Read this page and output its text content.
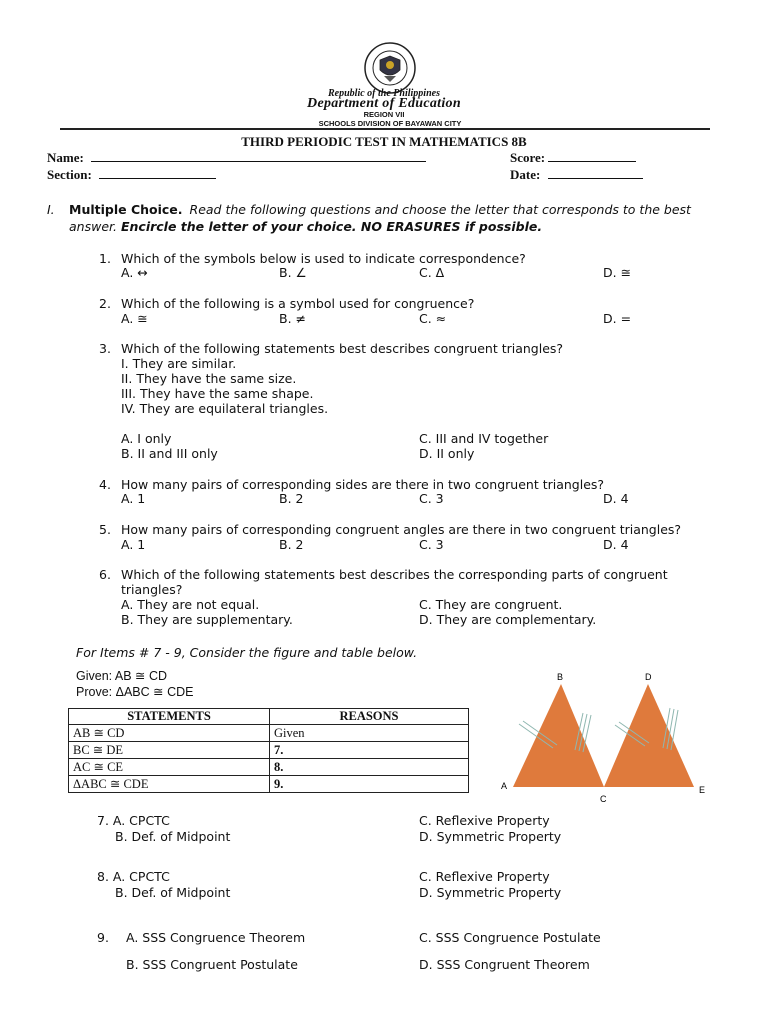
Republic of the Philippines
Department of Education
REGION VII
SCHOOLS DIVISION OF BAYAWAN CITY
THIRD PERIODIC TEST IN MATHEMATICS 8B
Name:	Score:
Section:	Date:
I. Multiple Choice. Read the following questions and choose the letter that corresponds to the best
answer. Encircle the letter of your choice. NO ERASURES if possible.
1. Which of the symbols below is used to indicate correspondence?
A. ↔	B. ∠	C. Δ	D. ≅
2. Which of the following is a symbol used for congruence?
A. ≅	B. ≠	C. ≈	D. =
3. Which of the following statements best describes congruent triangles?
I. They are similar.
II. They have the same size.
III. They have the same shape.
IV. They are equilateral triangles.
A. I only	C. III and IV together
B. II and III only	D. II only
4. How many pairs of corresponding sides are there in two congruent triangles?
A. 1	B. 2	C. 3	D. 4
5. How many pairs of corresponding congruent angles are there in two congruent triangles?
A. 1	B. 2	C. 3	D. 4
6. Which of the following statements best describes the corresponding parts of congruent
triangles?
A. They are not equal.	C. They are congruent.
B. They are supplementary.	D. They are complementary.
For Items # 7 - 9, Consider the figure and table below.
Given: AB ≅ CD
Prove: ΔABC ≅ CDE
STATEMENTS	REASONS
AB ≅ CD	Given
BC ≅ DE	7.
AC ≅ CE	8.
ΔABC ≅ CDE	9.	A
B
C
D
E
7. A. CPCTC
B. Def. of Midpoint
C. Reflexive Property
D. Symmetric Property
8. A. CPCTC
B. Def. of Midpoint
C. Reflexive Property
D. Symmetric Property
9. A. SSS Congruence Theorem
B. SSS Congruent Postulate
C. SSS Congruence Postulate
D. SSS Congruent Theorem
